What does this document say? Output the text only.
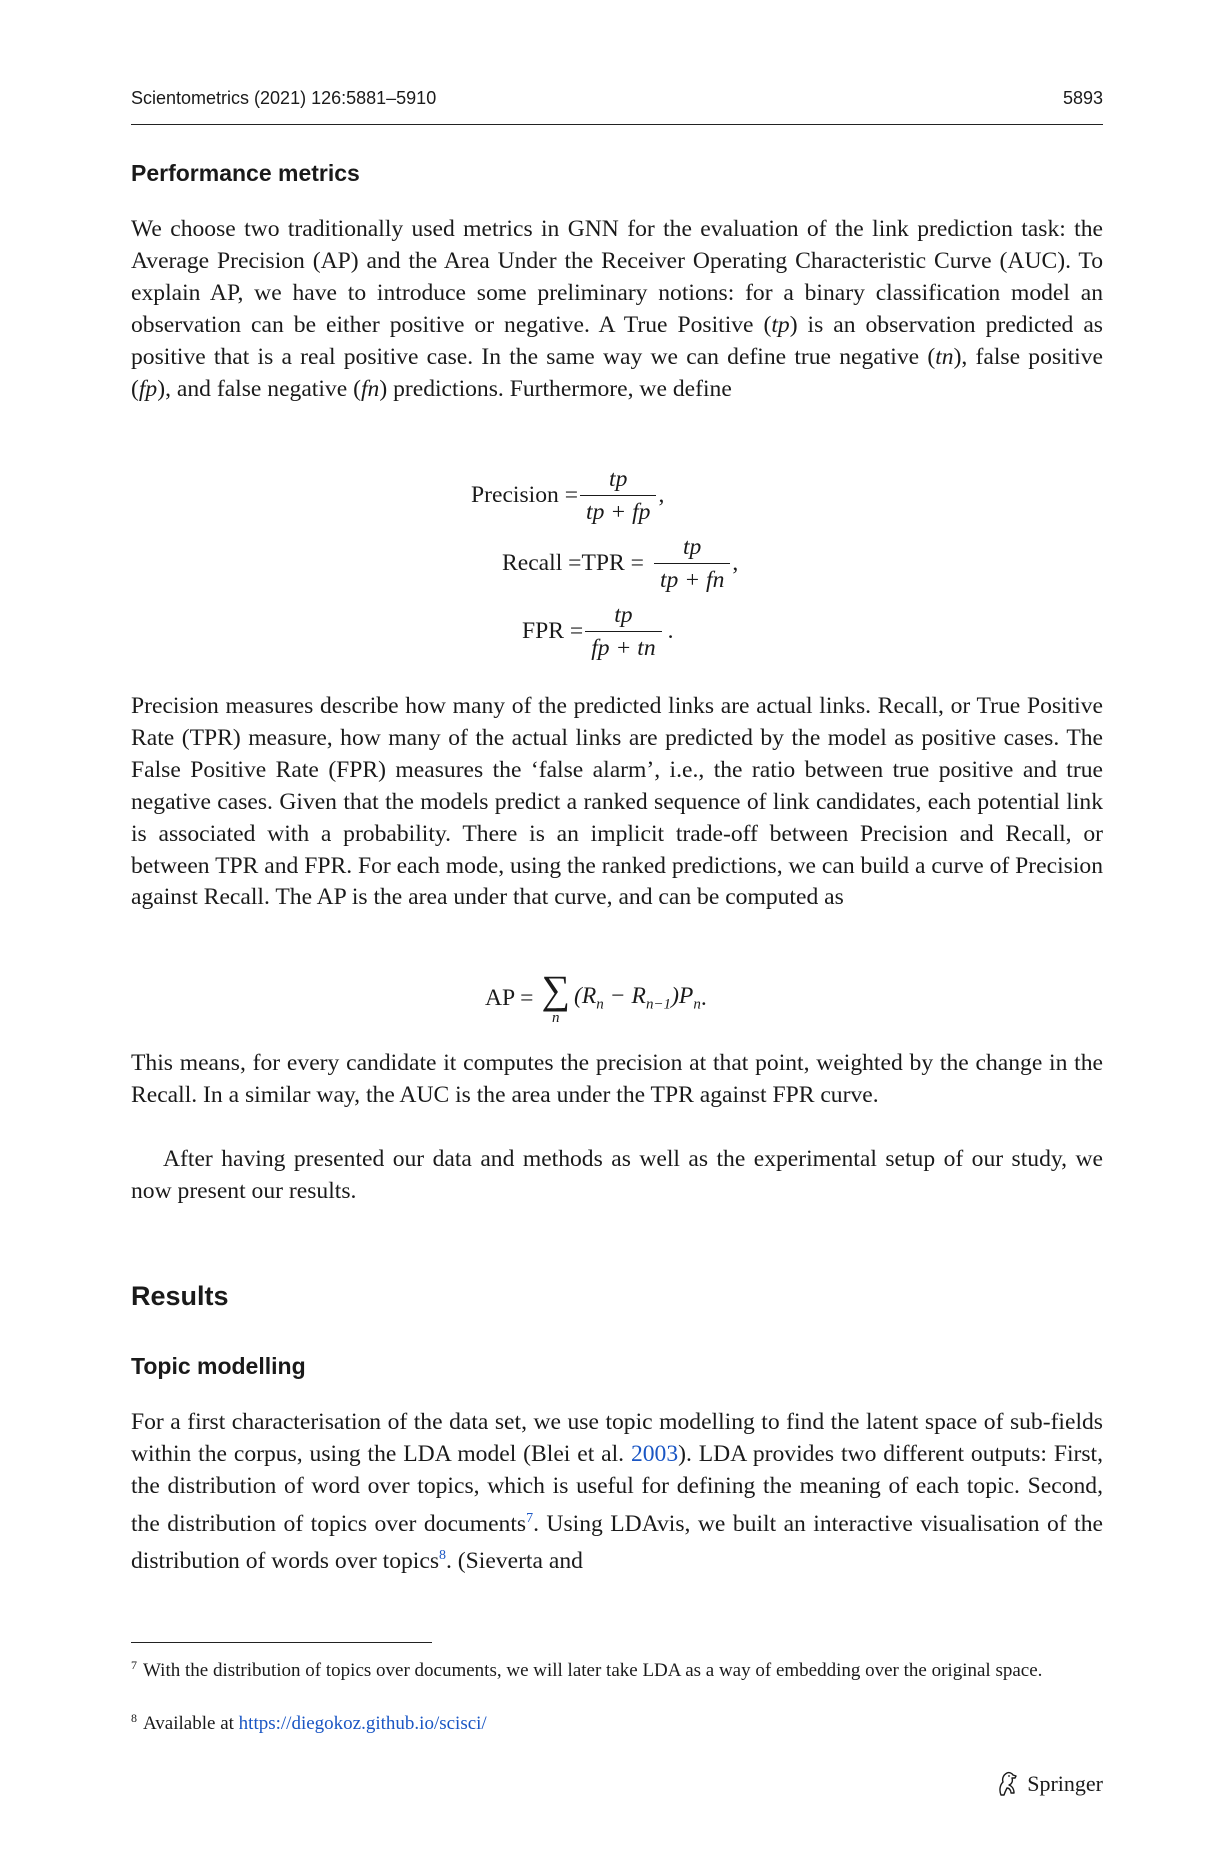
Scientometrics (2021) 126:5881–5910	5893
Performance metrics

We choose two traditionally used metrics in GNN for the evaluation of the link prediction task: the Average Precision (AP) and the Area Under the Receiver Operating Characteristic Curve (AUC). To explain AP, we have to introduce some preliminary notions: for a binary classification model an observation can be either positive or negative. A True Positive (tp) is an observation predicted as positive that is a real positive case. In the same way we can define true negative (tn), false positive (fp), and false negative (fn) predictions. Furthermore, we define

Precision = $\frac{tp}{tp + fp}$ ,
Recall $=TPR = \frac{tp}{tp + fn}$ ,
FPR = $\frac{tp}{fp + tn}$ .

Precision measures describe how many of the predicted links are actual links. Recall, or True Positive Rate (TPR) measure, how many of the actual links are predicted by the model as positive cases. The False Positive Rate (FPR) measures the ‘false alarm’, i.e., the ratio between true positive and true negative cases. Given that the models predict a ranked sequence of link candidates, each potential link is associated with a probability. There is an implicit trade-off between Precision and Recall, or between TPR and FPR. For each mode, using the ranked predictions, we can build a curve of Precision against Recall. The AP is the area under that curve, and can be computed as

AP = ∑
n
$(R_n - R_{n-1})P_n$ .

This means, for every candidate it computes the precision at that point, weighted by the change in the Recall. In a similar way, the AUC is the area under the TPR against FPR curve.

After having presented our data and methods as well as the experimental setup of our study, we now present our results.

Results
Topic modelling

For a first characterisation of the data set, we use topic modelling to find the latent space of sub-fields within the corpus, using the LDA model (Blei et al. 2003). LDA provides two different outputs: First, the distribution of word over topics, which is useful for defining the meaning of each topic. Second, the distribution of topics over documents$^7$. Using LDAvis, we built an interactive visualisation of the distribution of words over topics$^8$. (Sieverta and

$^7$ With the distribution of topics over documents, we will later take LDA as a way of embedding over the original space.

$^8$ Available at https://diegokoz.github.io/scisci/

Springer
